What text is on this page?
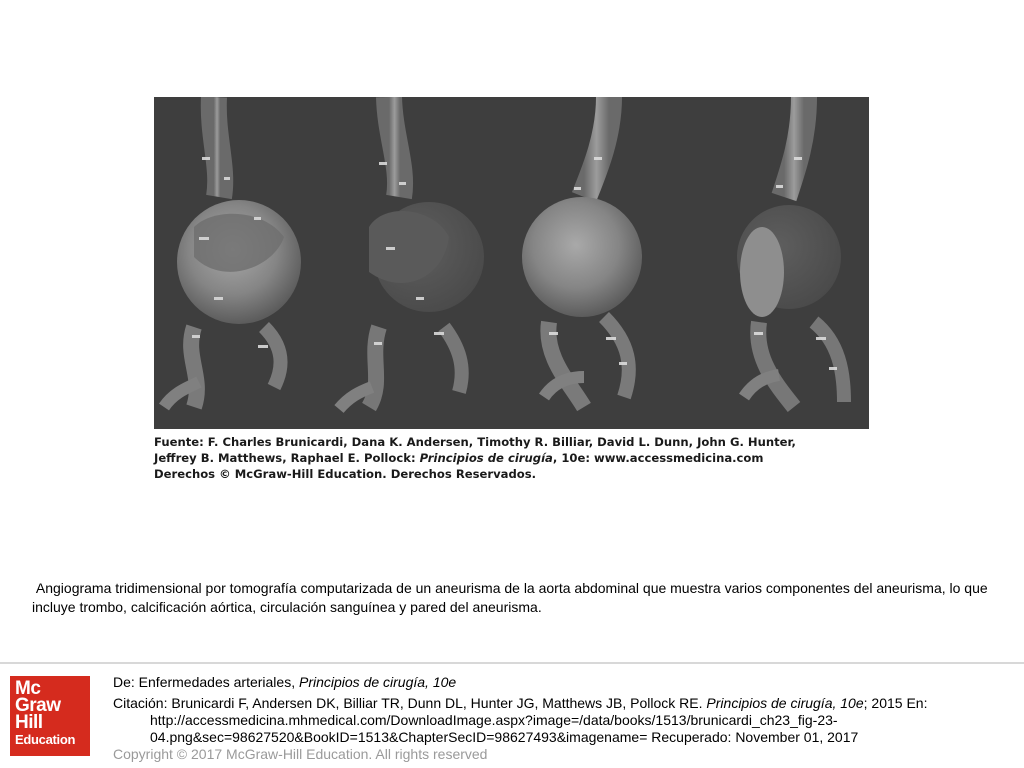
Fuente: F. Charles Brunicardi, Dana K. Andersen, Timothy R. Billiar, David L. Dunn, John G. Hunter,
Jeffrey B. Matthews, Raphael E. Pollock: Principios de cirugía, 10e: www.accessmedicina.com
Derechos © McGraw-Hill Education. Derechos Reservados.
Angiograma tridimensional por tomografía computarizada de un aneurisma de la aorta abdominal que muestra varios componentes del aneurisma, lo que incluye trombo, calcificación aórtica, circulación sanguínea y pared del aneurisma.
Mc
Graw
Hill
Education
De: Enfermedades arteriales, Principios de cirugía, 10e
Citación: Brunicardi F, Andersen DK, Billiar TR, Dunn DL, Hunter JG, Matthews JB, Pollock RE. Principios de cirugía, 10e; 2015 En: http://accessmedicina.mhmedical.com/DownloadImage.aspx?image=/data/books/1513/brunicardi_ch23_fig-23-04.png&sec=98627520&BookID=1513&ChapterSecID=98627493&imagename= Recuperado: November 01, 2017
Copyright © 2017 McGraw-Hill Education. All rights reserved
